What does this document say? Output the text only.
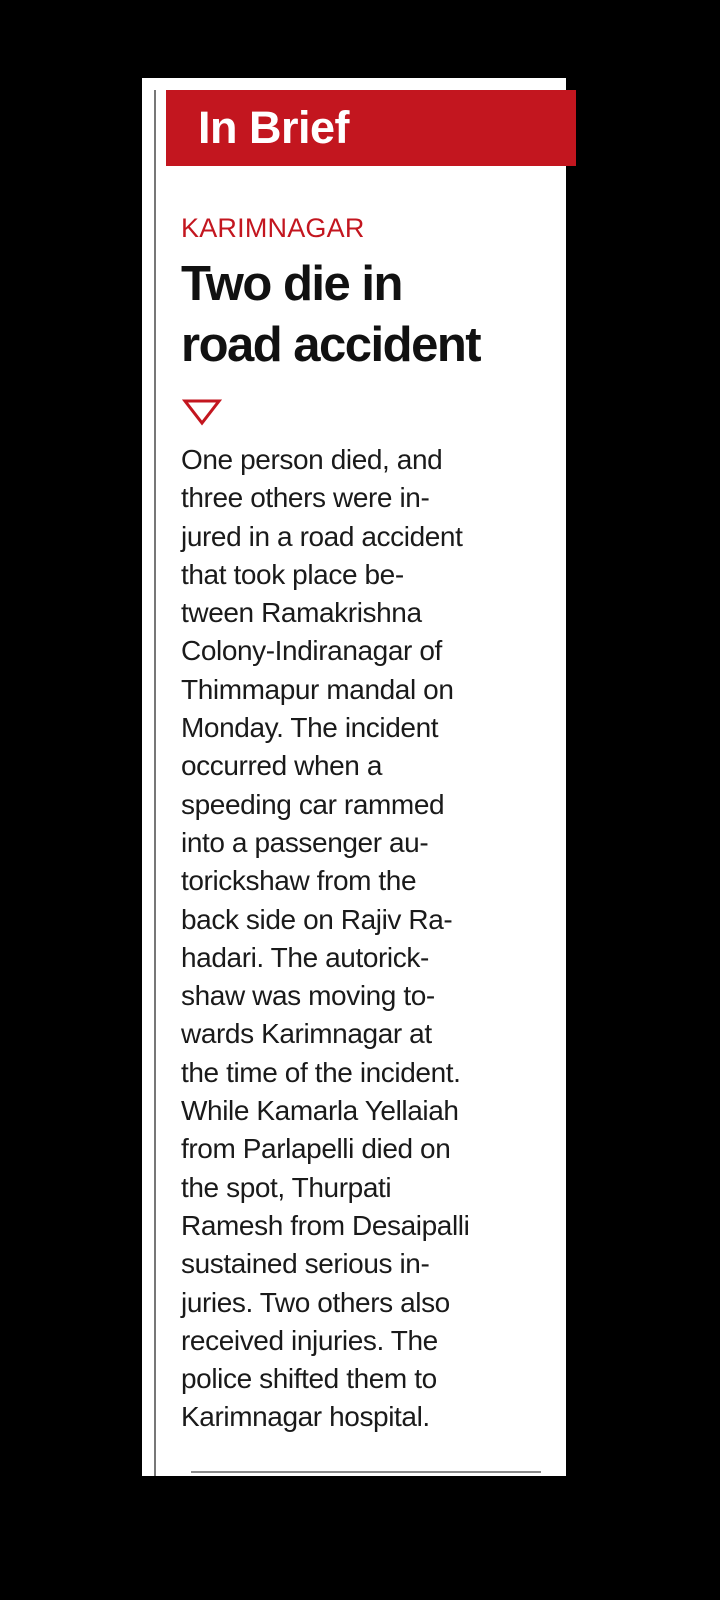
In Brief
KARIMNAGAR
Two die in
road accident
One person died, and
three others were in-
jured in a road accident
that took place be-
tween Ramakrishna
Colony-Indiranagar of
Thimmapur mandal on
Monday. The incident
occurred when a
speeding car rammed
into a passenger au-
torickshaw from the
back side on Rajiv Ra-
hadari. The autorick-
shaw was moving to-
wards Karimnagar at
the time of the incident.
While Kamarla Yellaiah
from Parlapelli died on
the spot, Thurpati
Ramesh from Desaipalli
sustained serious in-
juries. Two others also
received injuries. The
police shifted them to
Karimnagar hospital.
